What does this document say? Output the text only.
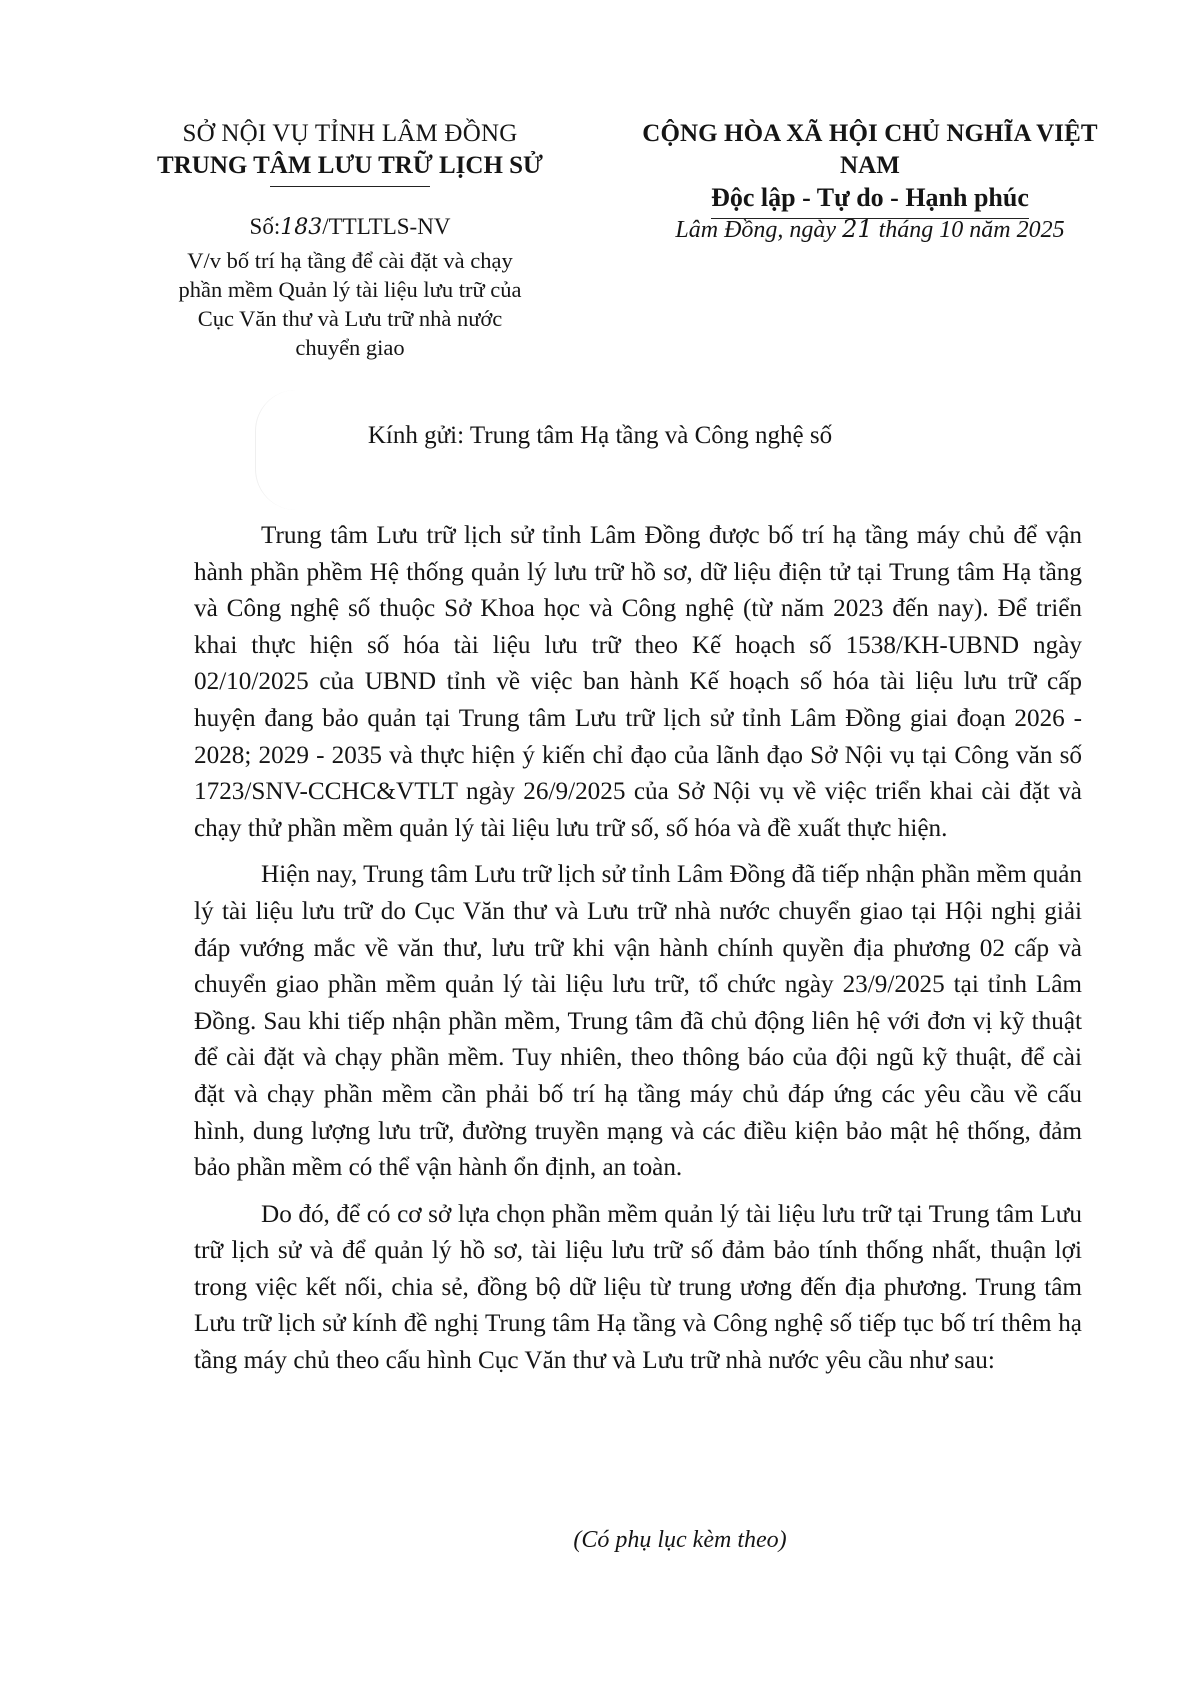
SỞ NỘI VỤ TỈNH LÂM ĐỒNG
TRUNG TÂM LƯU TRỮ LỊCH SỬ
CỘNG HÒA XÃ HỘI CHỦ NGHĨA VIỆT NAM
Độc lập - Tự do - Hạnh phúc
Số:183/TTLTLS-NV
V/v bố trí hạ tầng để cài đặt và chạy
phần mềm Quản lý tài liệu lưu trữ của
Cục Văn thư và Lưu trữ nhà nước
chuyển giao
Lâm Đồng, ngày 21 tháng 10 năm 2025
Kính gửi: Trung tâm Hạ tầng và Công nghệ số

Trung tâm Lưu trữ lịch sử tỉnh Lâm Đồng được bố trí hạ tầng máy chủ để vận hành phần phềm Hệ thống quản lý lưu trữ hồ sơ, dữ liệu điện tử tại Trung tâm Hạ tầng và Công nghệ số thuộc Sở Khoa học và Công nghệ (từ năm 2023 đến nay). Để triển khai thực hiện số hóa tài liệu lưu trữ theo Kế hoạch số 1538/KH-UBND ngày 02/10/2025 của UBND tỉnh về việc ban hành Kế hoạch số hóa tài liệu lưu trữ cấp huyện đang bảo quản tại Trung tâm Lưu trữ lịch sử tỉnh Lâm Đồng giai đoạn 2026 - 2028; 2029 - 2035 và thực hiện ý kiến chỉ đạo của lãnh đạo Sở Nội vụ tại Công văn số 1723/SNV-CCHC&VTLT ngày 26/9/2025 của Sở Nội vụ về việc triển khai cài đặt và chạy thử phần mềm quản lý tài liệu lưu trữ số, số hóa và đề xuất thực hiện.

Hiện nay, Trung tâm Lưu trữ lịch sử tỉnh Lâm Đồng đã tiếp nhận phần mềm quản lý tài liệu lưu trữ do Cục Văn thư và Lưu trữ nhà nước chuyển giao tại Hội nghị giải đáp vướng mắc về văn thư, lưu trữ khi vận hành chính quyền địa phương 02 cấp và chuyển giao phần mềm quản lý tài liệu lưu trữ, tổ chức ngày 23/9/2025 tại tỉnh Lâm Đồng. Sau khi tiếp nhận phần mềm, Trung tâm đã chủ động liên hệ với đơn vị kỹ thuật để cài đặt và chạy phần mềm. Tuy nhiên, theo thông báo của đội ngũ kỹ thuật, để cài đặt và chạy phần mềm cần phải bố trí hạ tầng máy chủ đáp ứng các yêu cầu về cấu hình, dung lượng lưu trữ, đường truyền mạng và các điều kiện bảo mật hệ thống, đảm bảo phần mềm có thể vận hành ổn định, an toàn.

Do đó, để có cơ sở lựa chọn phần mềm quản lý tài liệu lưu trữ tại Trung tâm Lưu trữ lịch sử và để quản lý hồ sơ, tài liệu lưu trữ số đảm bảo tính thống nhất, thuận lợi trong việc kết nối, chia sẻ, đồng bộ dữ liệu từ trung ương đến địa phương. Trung tâm Lưu trữ lịch sử kính đề nghị Trung tâm Hạ tầng và Công nghệ số tiếp tục bố trí thêm hạ tầng máy chủ theo cấu hình Cục Văn thư và Lưu trữ nhà nước yêu cầu như sau:

(Có phụ lục kèm theo)
